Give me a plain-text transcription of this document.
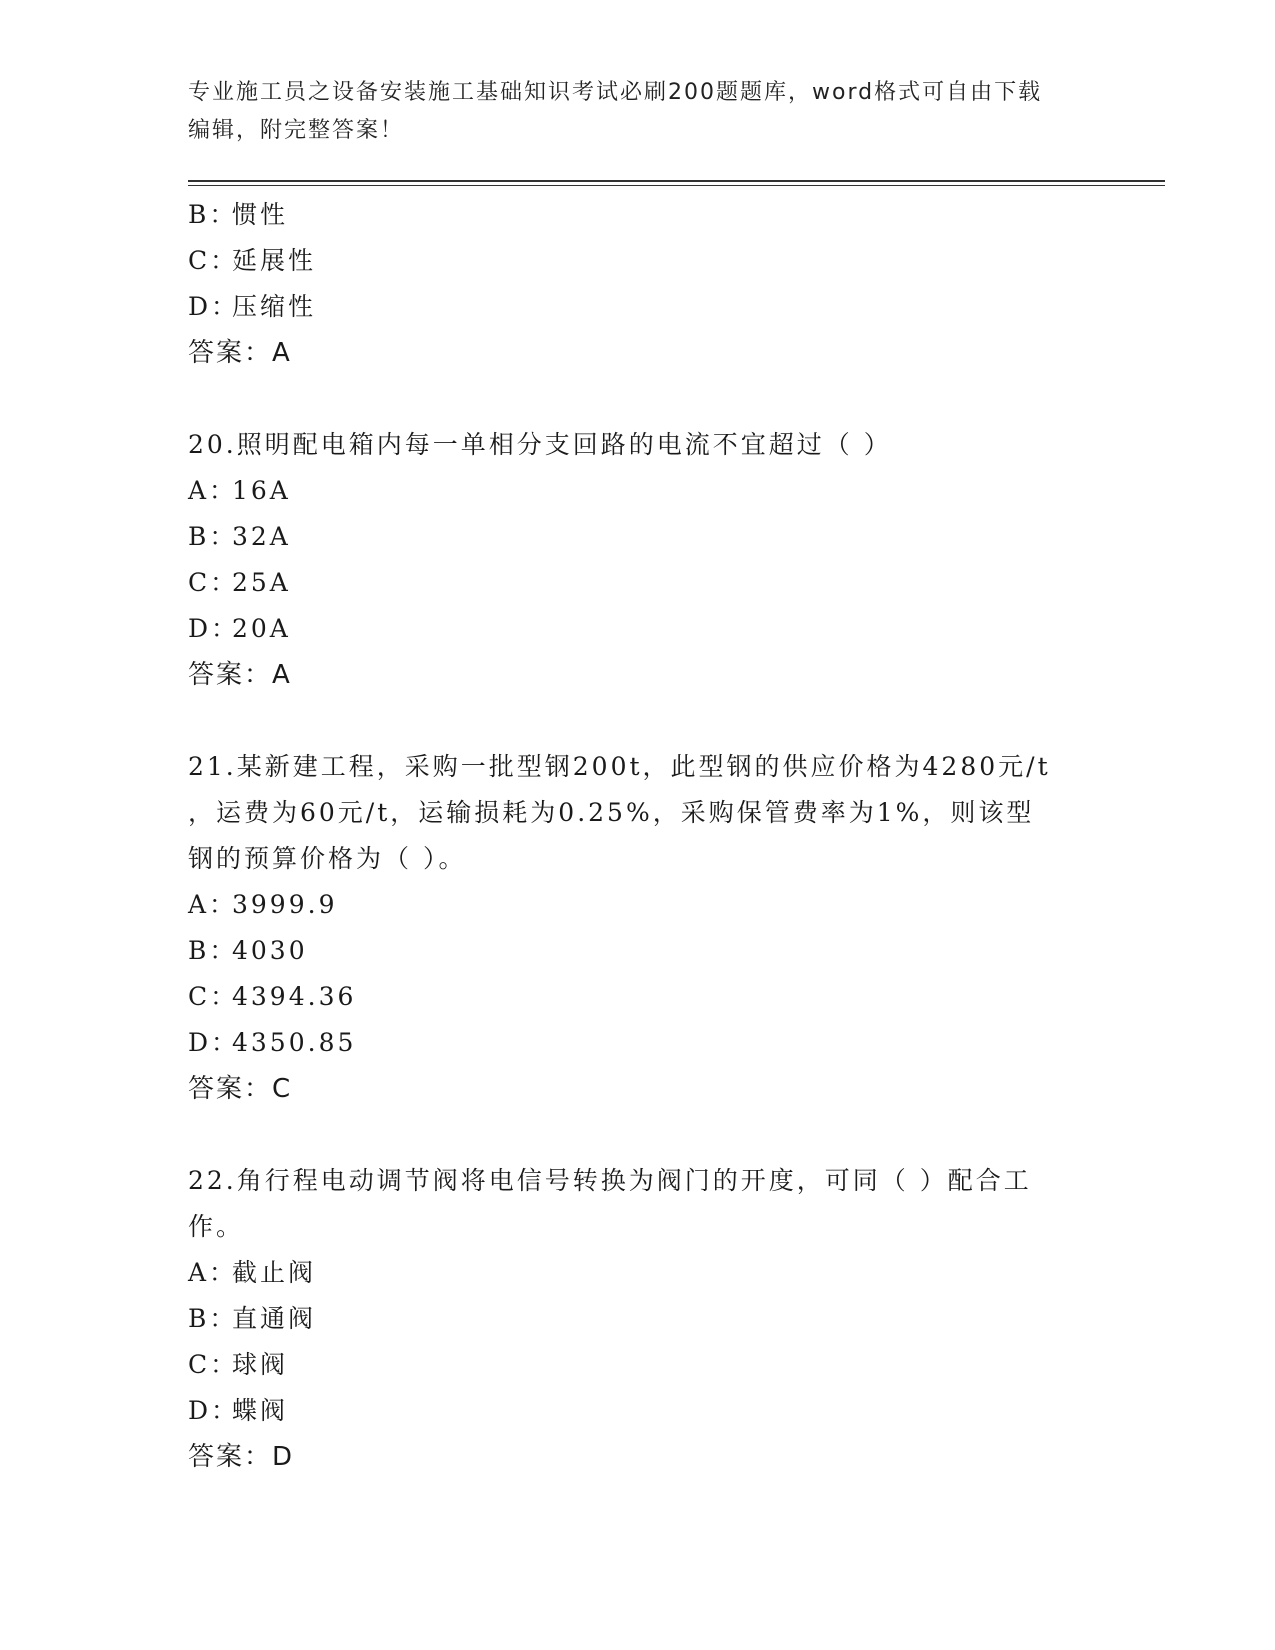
专业施工员之设备安装施工基础知识考试必刷200题题库，word格式可自由下载
编辑，附完整答案！
B：惯性
C：延展性
D：压缩性
答案：A
20.照明配电箱内每一单相分支回路的电流不宜超过（ ）
A：16A
B：32A
C：25A
D：20A
答案：A
21.某新建工程，采购一批型钢200t，此型钢的供应价格为4280元/t
，运费为60元/t，运输损耗为0.25%，采购保管费率为1%，则该型
钢的预算价格为（ ）。
A：3999.9
B：4030
C：4394.36
D：4350.85
答案：C
22.角行程电动调节阀将电信号转换为阀门的开度，可同（ ）配合工
作。
A：截止阀
B：直通阀
C：球阀
D：蝶阀
答案：D
